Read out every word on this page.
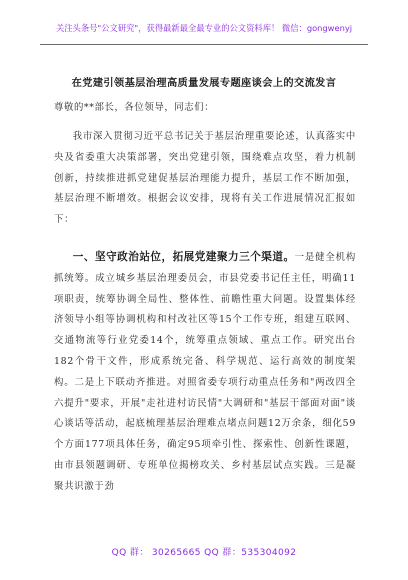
关注头条号"公文研究"，获得最新最全最专业的公文资料库！ 微信：gongwenyj
在党建引领基层治理高质量发展专题座谈会上的交流发言
尊敬的**部长，各位领导，同志们：

我市深入贯彻习近平总书记关于基层治理重要论述，认真落实中央及省委重大决策部署，突出党建引领，围绕难点攻坚，着力机制创新，持续推进抓党建促基层治理能力提升，基层工作不断加强，基层治理不断增效。根据会议安排，现将有关工作进展情况汇报如下：

一、坚守政治站位，拓展党建聚力三个渠道。一是健全机构抓统筹。成立城乡基层治理委员会，市县党委书记任主任，明确11项职责，统筹协调全局性、整体性、前瞻性重大问题。设置集体经济领导小组等协调机构和村改社区等15个工作专班，组建互联网、交通物流等行业党委14个，统筹重点领域、重点工作。研究出台182个骨干文件，形成系统完备、科学规范、运行高效的制度架构。二是上下联动齐推进。对照省委专项行动重点任务和"两改四全六提升"要求，开展"走社进村访民情"大调研和"基层干部面对面"谈心谈话等活动，起底梳理基层治理难点堵点问题12万余条，细化59个方面177项具体任务，确定95项牵引性、探索性、创新性课题，由市县领题调研、专班单位揭榜攻关、乡村基层试点实践。三是凝聚共识激于劲

QQ 群： 30265665 QQ 群：535304092
